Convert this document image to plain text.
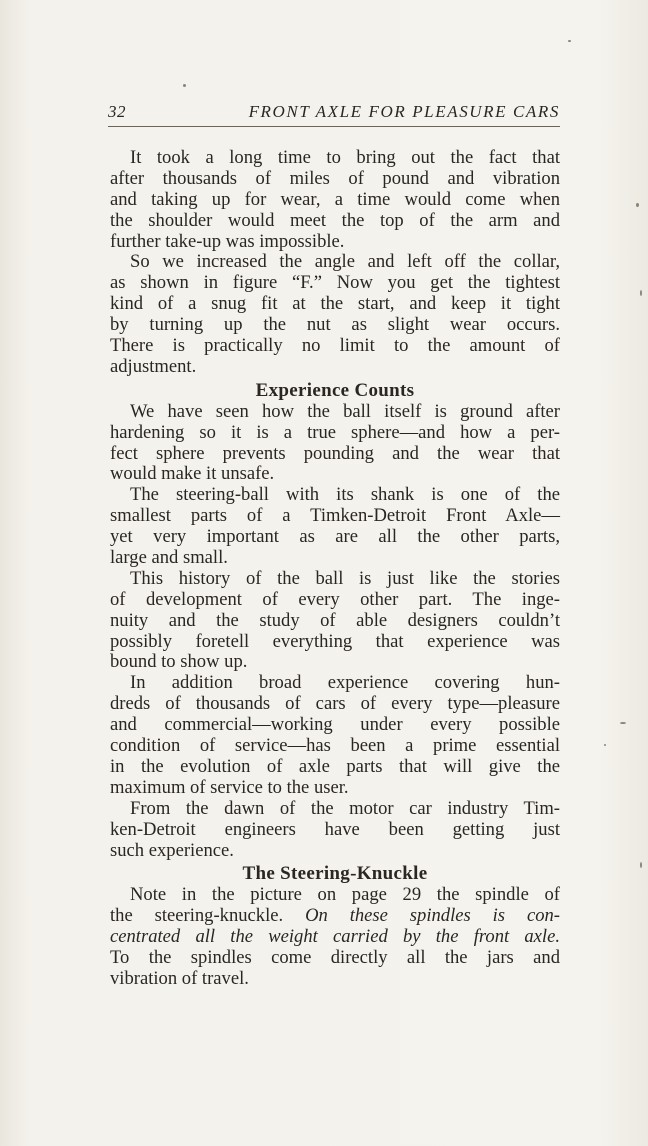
32	FRONT AXLE FOR PLEASURE CARS
It took a long time to bring out the fact that
after thousands of miles of pound and vibration
and taking up for wear, a time would come when
the shoulder would meet the top of the arm and
further take-up was impossible.
So we increased the angle and left off the collar,
as shown in figure “F.” Now you get the tightest
kind of a snug fit at the start, and keep it tight
by turning up the nut as slight wear occurs.
There is practically no limit to the amount of
adjustment.
Experience Counts
We have seen how the ball itself is ground after
hardening so it is a true sphere—and how a per-
fect sphere prevents pounding and the wear that
would make it unsafe.
The steering-ball with its shank is one of the
smallest parts of a Timken-Detroit Front Axle—
yet very important as are all the other parts,
large and small.
This history of the ball is just like the stories
of development of every other part. The inge-
nuity and the study of able designers couldn’t
possibly foretell everything that experience was
bound to show up.
In addition broad experience covering hun-
dreds of thousands of cars of every type—pleasure
and commercial—working under every possible
condition of service—has been a prime essential
in the evolution of axle parts that will give the
maximum of service to the user.
From the dawn of the motor car industry Tim-
ken-Detroit engineers have been getting just
such experience.
The Steering-Knuckle
Note in the picture on page 29 the spindle of
the steering-knuckle. On these spindles is con-
centrated all the weight carried by the front axle.
To the spindles come directly all the jars and
vibration of travel.
